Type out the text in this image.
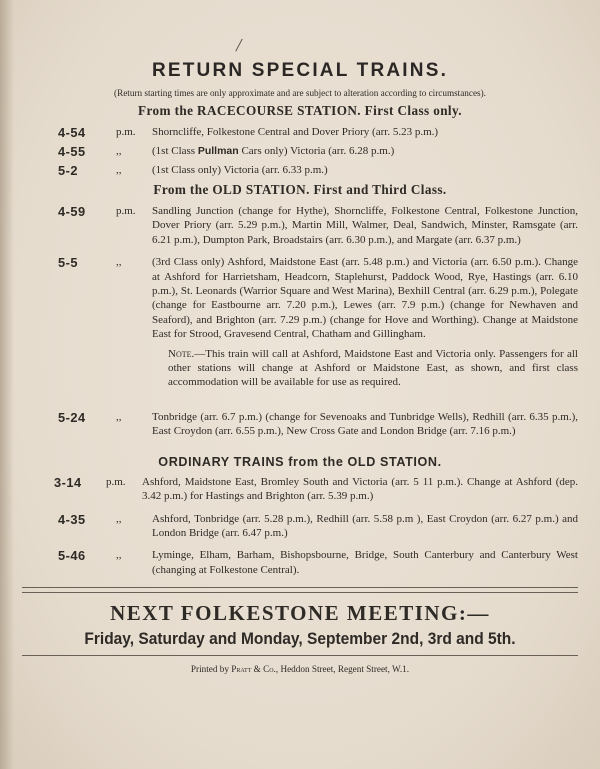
RETURN SPECIAL TRAINS.
(Return starting times are only approximate and are subject to alteration according to circumstances).
From the RACECOURSE STATION. First Class only.
4-54	p.m.	Shorncliffe, Folkestone Central and Dover Priory (arr. 5.23 p.m.)
4-55	,,	(1st Class Pullman Cars only) Victoria (arr. 6.28 p.m.)
5-2	,,	(1st Class only) Victoria (arr. 6.33 p.m.)
From the OLD STATION. First and Third Class.
4-59	p.m.	Sandling Junction (change for Hythe), Shorncliffe, Folkestone Central, Folkestone Junction, Dover Priory (arr. 5.29 p.m.), Martin Mill, Walmer, Deal, Sandwich, Minster, Ramsgate (arr. 6.21 p.m.), Dumpton Park, Broadstairs (arr. 6.30 p.m.), and Margate (arr. 6.37 p.m.)
5-5	,,	(3rd Class only) Ashford, Maidstone East (arr. 5.48 p.m.) and Victoria (arr. 6.50 p.m.). Change at Ashford for Harrietsham, Headcorn, Staplehurst, Paddock Wood, Rye, Hastings (arr. 6.10 p.m.), St. Leonards (Warrior Square and West Marina), Bexhill Central (arr. 6.29 p.m.), Polegate (change for Eastbourne arr. 7.20 p.m.), Lewes (arr. 7.9 p.m.) (change for Newhaven and Seaford), and Brighton (arr. 7.29 p.m.) (change for Hove and Worthing). Change at Maidstone East for Strood, Gravesend Central, Chatham and Gillingham.
Note.—This train will call at Ashford, Maidstone East and Victoria only. Passengers for all other stations will change at Ashford or Maidstone East, as shown, and first class accommodation will be available for use as required.
5-24	,,	Tonbridge (arr. 6.7 p.m.) (change for Sevenoaks and Tunbridge Wells), Redhill (arr. 6.35 p.m.), East Croydon (arr. 6.55 p.m.), New Cross Gate and London Bridge (arr. 7.16 p.m.)
ORDINARY TRAINS from the OLD STATION.
3-14	p.m.	Ashford, Maidstone East, Bromley South and Victoria (arr. 5 11 p.m.). Change at Ashford (dep. 3.42 p.m.) for Hastings and Brighton (arr. 5.39 p.m.)
4-35	,,	Ashford, Tonbridge (arr. 5.28 p.m.), Redhill (arr. 5.58 p.m ), East Croydon (arr. 6.27 p.m.) and London Bridge (arr. 6.47 p.m.)
5-46	,,	Lyminge, Elham, Barham, Bishopsbourne, Bridge, South Canterbury and Canterbury West (changing at Folkestone Central).
NEXT FOLKESTONE MEETING:—
Friday, Saturday and Monday, September 2nd, 3rd and 5th.
Printed by Pratt & Co., Heddon Street, Regent Street, W.1.
